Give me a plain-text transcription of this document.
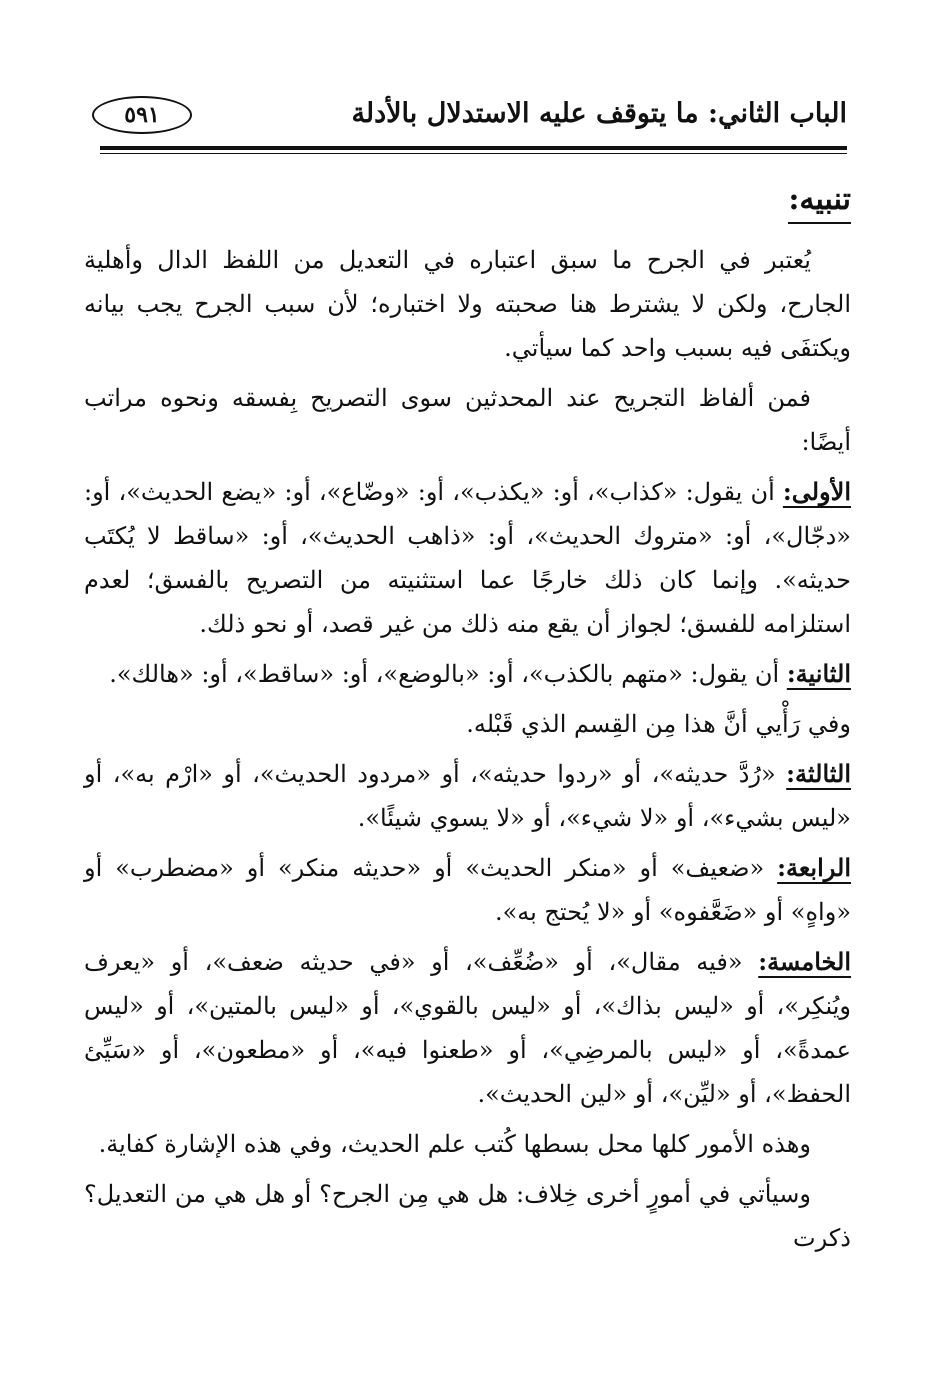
الباب الثاني: ما يتوقف عليه الاستدلال بالأدلة
٥٩١
تنبيه:

يُعتبر في الجرح ما سبق اعتباره في التعديل من اللفظ الدال وأهلية الجارح، ولكن لا يشترط هنا صحبته ولا اختباره؛ لأن سبب الجرح يجب بيانه ويكتفَى فيه بسبب واحد كما سيأتي.

فمن ألفاظ التجريح عند المحدثين سوى التصريح بِفسقه ونحوه مراتب أيضًا:

الأولى: أن يقول: «كذاب»، أو: «يكذب»، أو: «وضّاع»، أو: «يضع الحديث»، أو: «دجّال»، أو: «متروك الحديث»، أو: «ذاهب الحديث»، أو: «ساقط لا يُكتَب حديثه». وإنما كان ذلك خارجًا عما استثنيته من التصريح بالفسق؛ لعدم استلزامه للفسق؛ لجواز أن يقع منه ذلك من غير قصد، أو نحو ذلك.

الثانية: أن يقول: «متهم بالكذب»، أو: «بالوضع»، أو: «ساقط»، أو: «هالك».

وفي رَأْيي أنَّ هذا مِن القِسم الذي قَبْله.

الثالثة: «رُدَّ حديثه»، أو «ردوا حديثه»، أو «مردود الحديث»، أو «ارْم به»، أو «ليس بشيء»، أو «لا شيء»، أو «لا يسوي شيئًا».

الرابعة: «ضعيف» أو «منكر الحديث» أو «حديثه منكر» أو «مضطرب» أو «واهٍ» أو «ضَعَّفوه» أو «لا يُحتج به».

الخامسة: «فيه مقال»، أو «ضُعِّف»، أو «في حديثه ضعف»، أو «يعرف ويُنكِر»، أو «ليس بذاك»، أو «ليس بالقوي»، أو «ليس بالمتين»، أو «ليس عمدةً»، أو «ليس بالمرضِي»، أو «طعنوا فيه»، أو «مطعون»، أو «سَيِّئ الحفظ»، أو «ليِّن»، أو «لين الحديث».

وهذه الأمور كلها محل بسطها كُتب علم الحديث، وفي هذه الإشارة كفاية.

وسيأتي في أمورٍ أخرى خِلاف: هل هي مِن الجرح؟ أو هل هي من التعديل؟ ذكرت
